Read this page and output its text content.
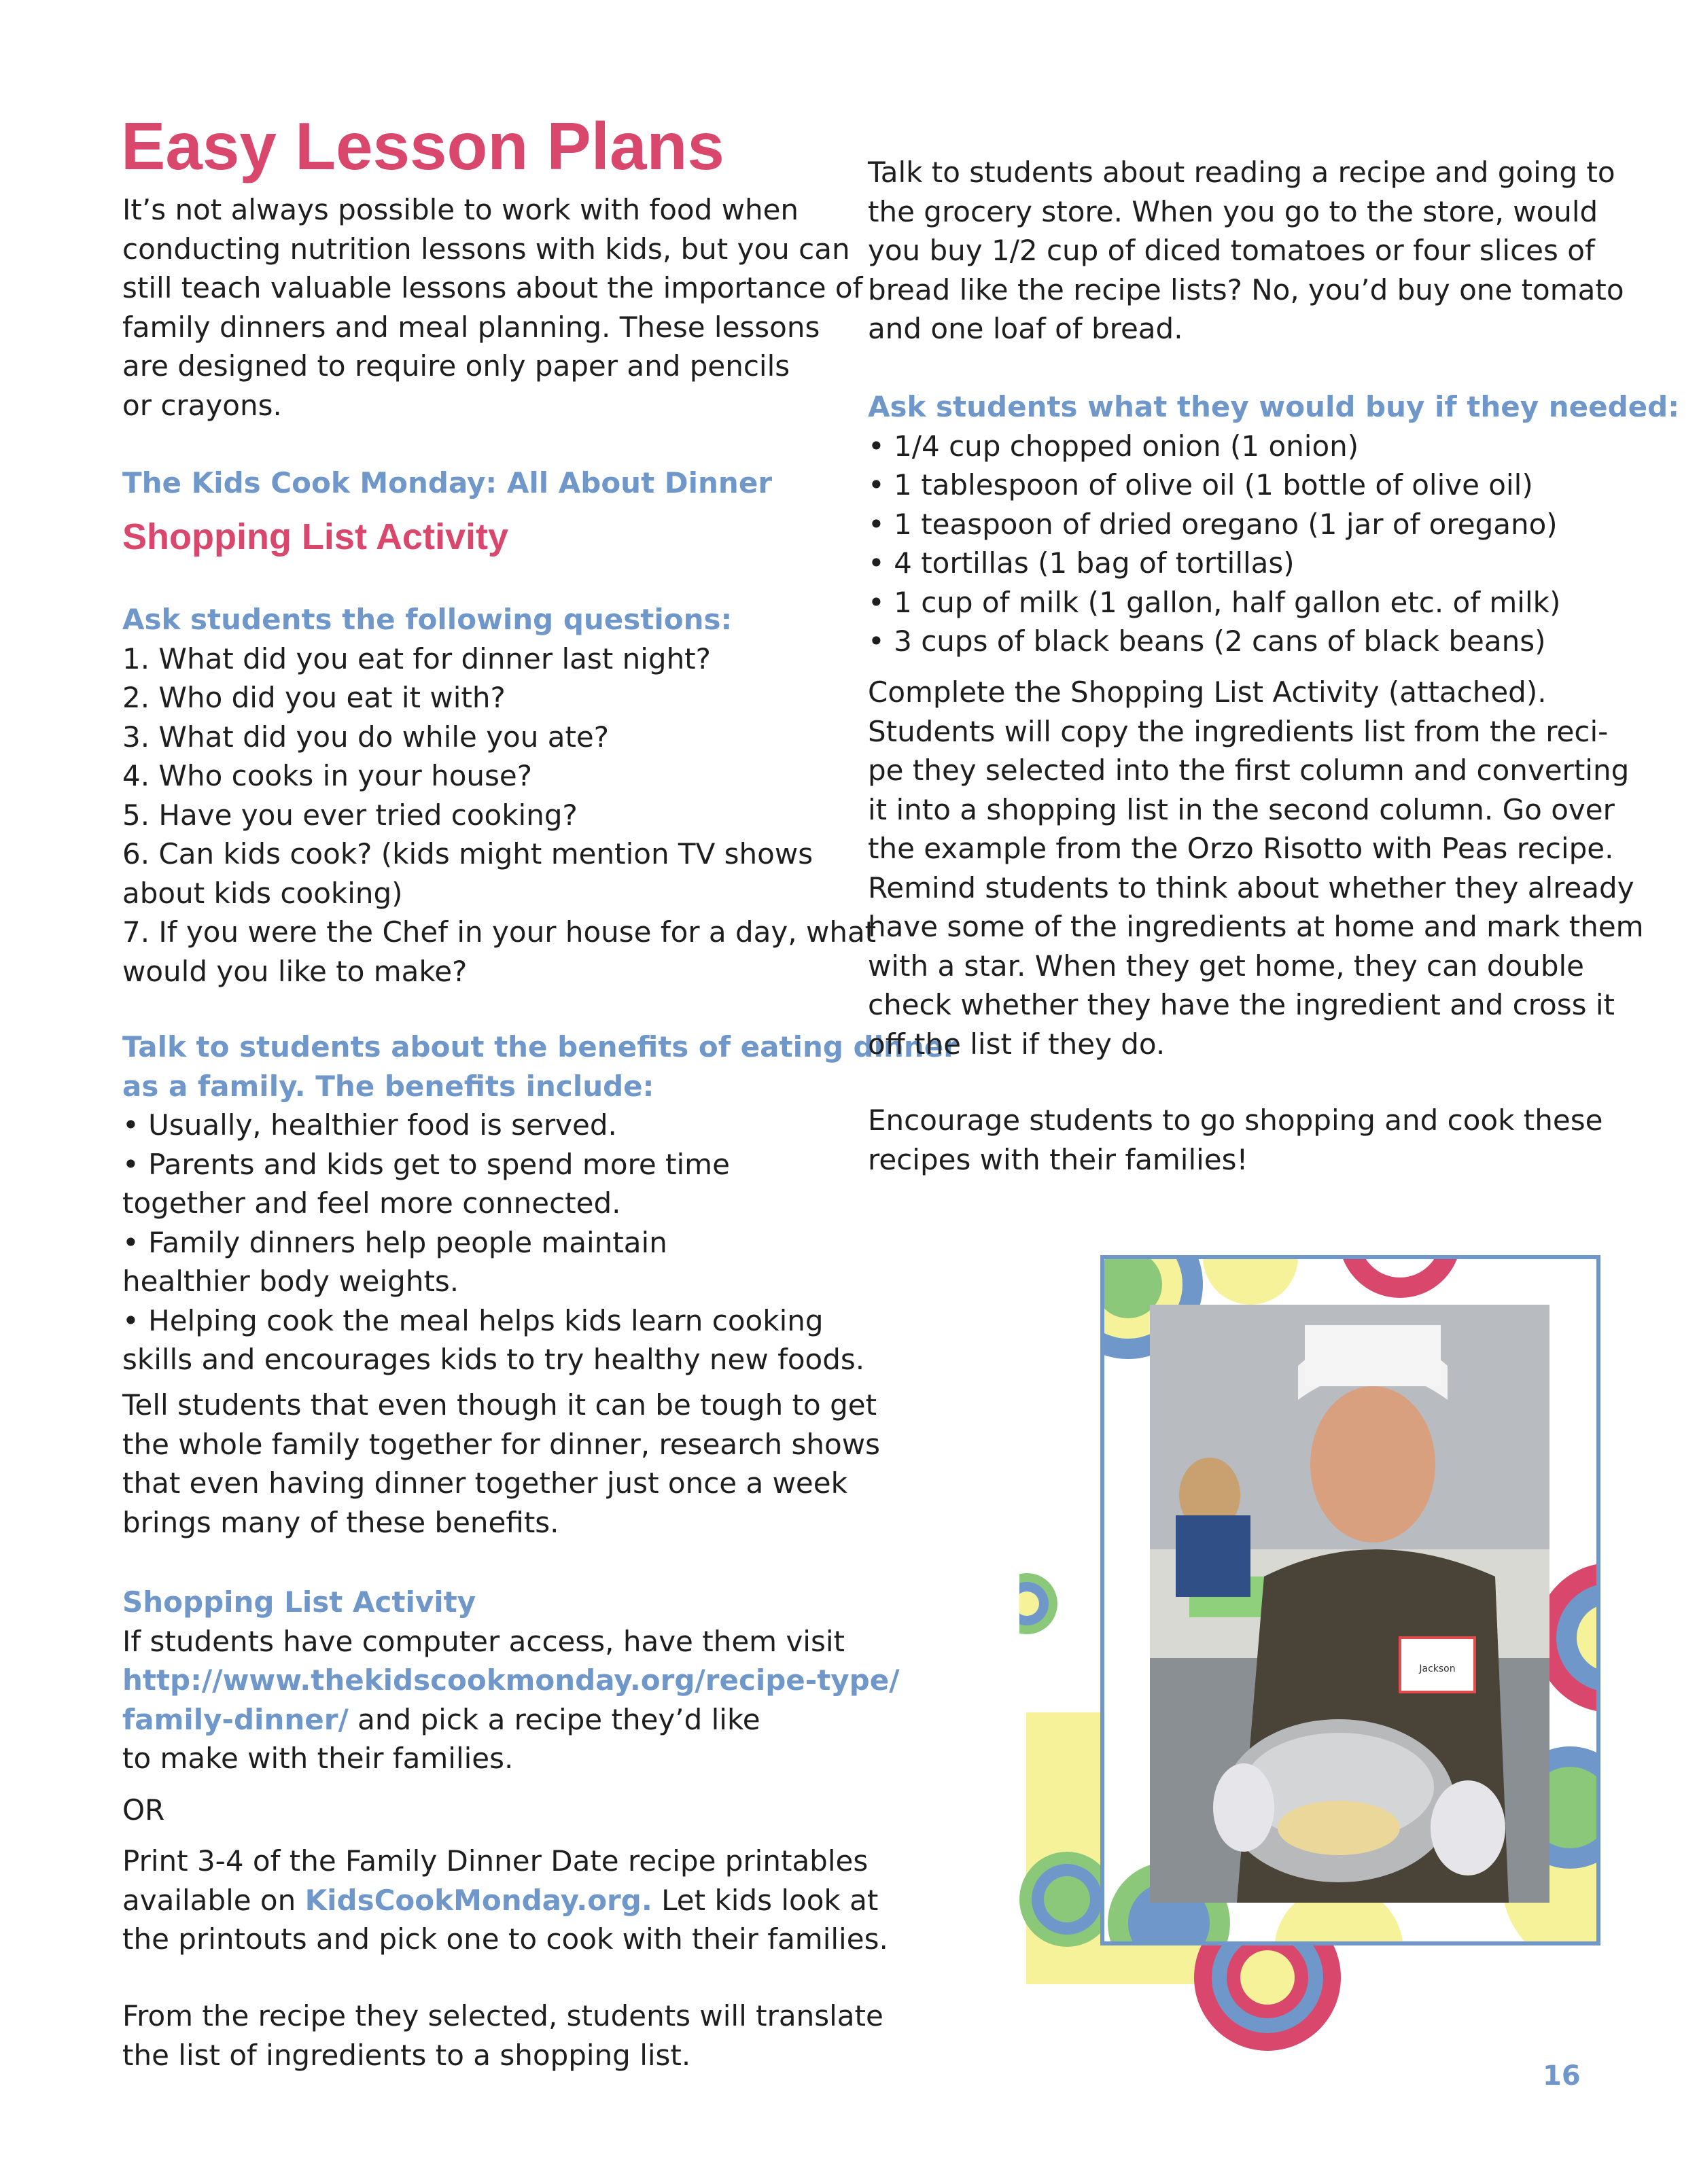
Easy Lesson Plans
It’s not always possible to work with food when
conducting nutrition lessons with kids, but you can
still teach valuable lessons about the importance of
family dinners and meal planning. These lessons
are designed to require only paper and pencils
or crayons.
The Kids Cook Monday: All About Dinner
Shopping List Activity
Ask students the following questions:
1. What did you eat for dinner last night?
2. Who did you eat it with?
3. What did you do while you ate?
4. Who cooks in your house?
5. Have you ever tried cooking?
6. Can kids cook? (kids might mention TV shows
about kids cooking)
7. If you were the Chef in your house for a day, what
would you like to make?
Talk to students about the benefits of eating dinner
as a family. The benefits include:
• Usually, healthier food is served.
• Parents and kids get to spend more time
together and feel more connected.
• Family dinners help people maintain
healthier body weights.
• Helping cook the meal helps kids learn cooking
skills and encourages kids to try healthy new foods.
Tell students that even though it can be tough to get
the whole family together for dinner, research shows
that even having dinner together just once a week
brings many of these benefits.
Shopping List Activity
If students have computer access, have them visit
http://www.thekidscookmonday.org/recipe-type/
family-dinner/ and pick a recipe they’d like
to make with their families.
OR
Print 3-4 of the Family Dinner Date recipe printables
available on KidsCookMonday.org. Let kids look at
the printouts and pick one to cook with their families.
From the recipe they selected, students will translate
the list of ingredients to a shopping list.
Talk to students about reading a recipe and going to
the grocery store. When you go to the store, would
you buy 1/2 cup of diced tomatoes or four slices of
bread like the recipe lists? No, you’d buy one tomato
and one loaf of bread.
Ask students what they would buy if they needed:
• 1/4 cup chopped onion (1 onion)
• 1 tablespoon of olive oil (1 bottle of olive oil)
• 1 teaspoon of dried oregano (1 jar of oregano)
• 4 tortillas (1 bag of tortillas)
• 1 cup of milk (1 gallon, half gallon etc. of milk)
• 3 cups of black beans (2 cans of black beans)
Complete the Shopping List Activity (attached).
Students will copy the ingredients list from the reci-
pe they selected into the first column and converting
it into a shopping list in the second column. Go over
the example from the Orzo Risotto with Peas recipe.
Remind students to think about whether they already
have some of the ingredients at home and mark them
with a star. When they get home, they can double
check whether they have the ingredient and cross it
off the list if they do.
Encourage students to go shopping and cook these
recipes with their families!
Jackson
16
